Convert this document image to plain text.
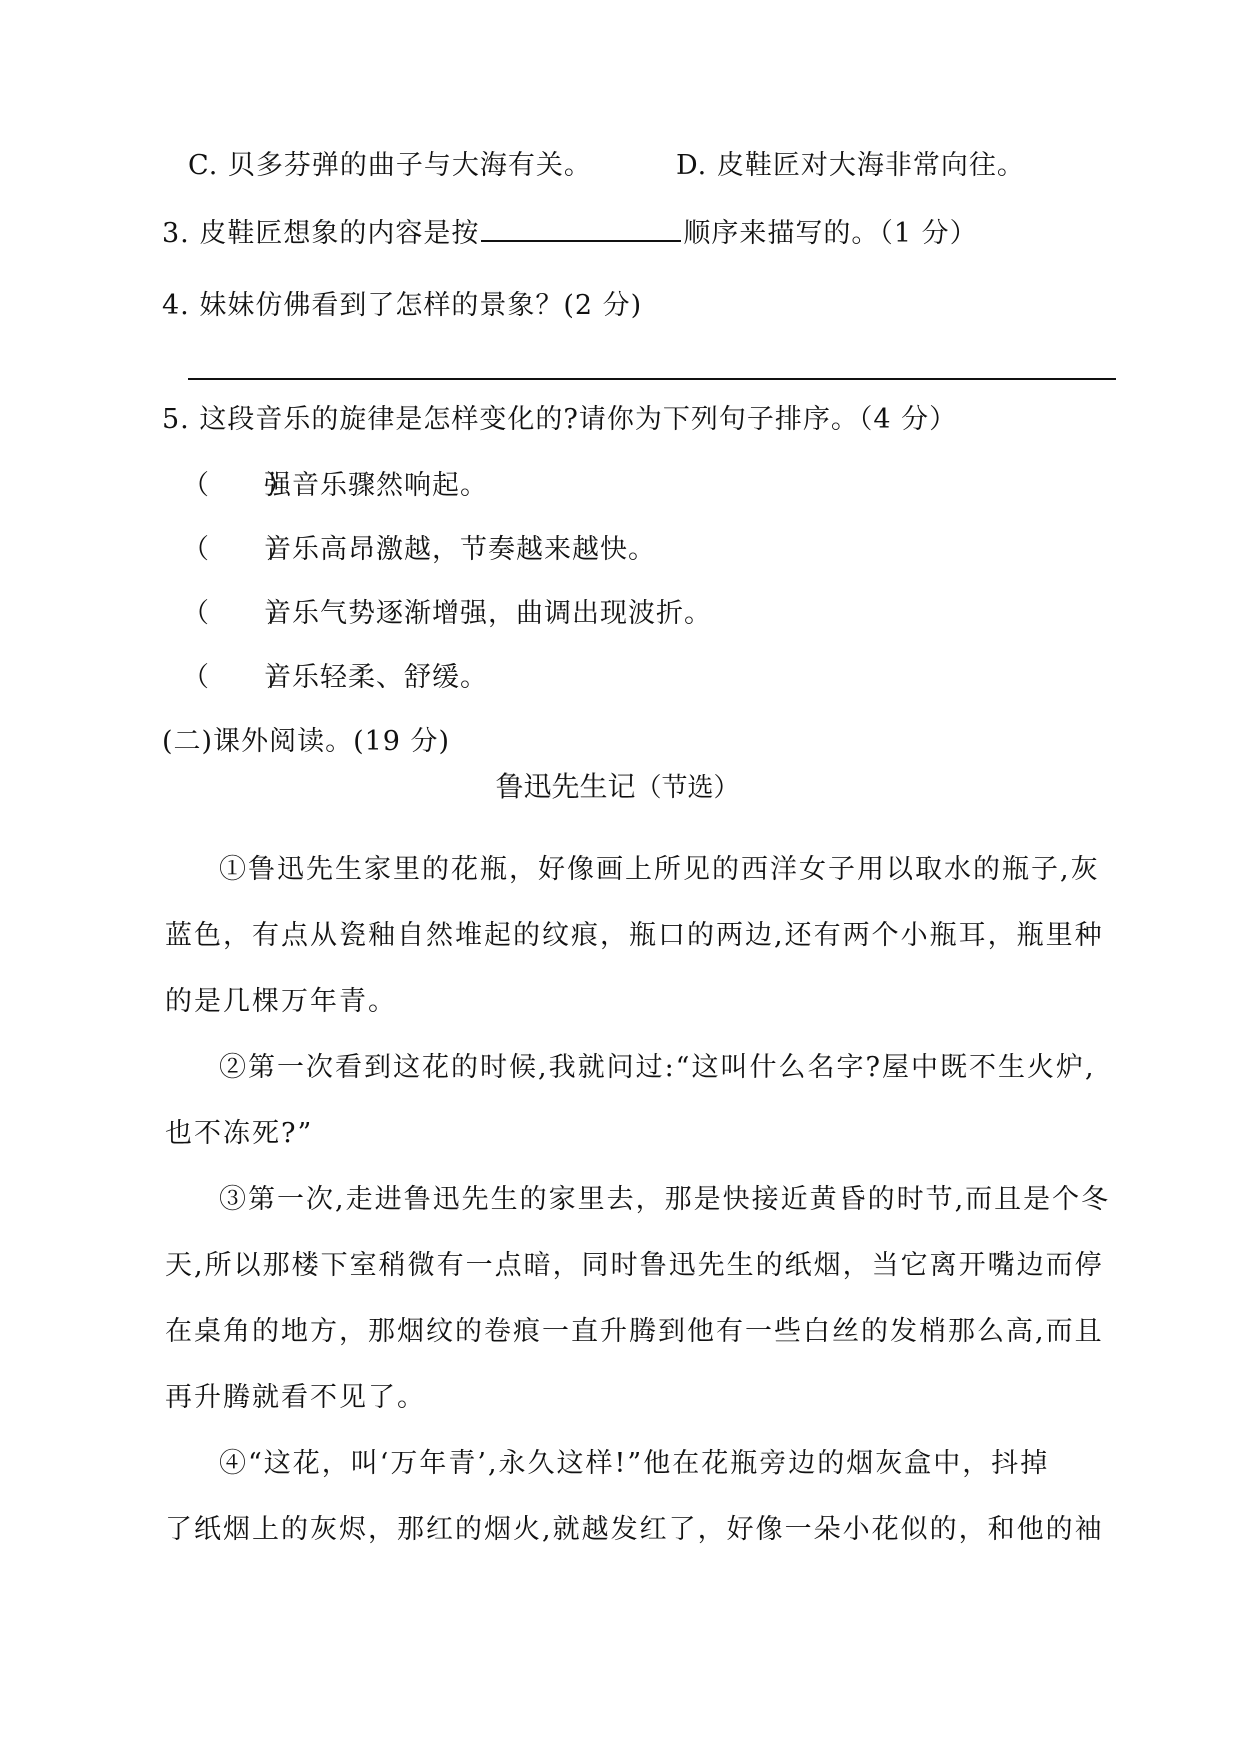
C. 贝多芬弹的曲子与大海有关。	D. 皮鞋匠对大海非常向往。
3. 皮鞋匠想象的内容是按	顺序来描写的。（1 分）
4. 妹妹仿佛看到了怎样的景象？(2 分)
5. 这段音乐的旋律是怎样变化的?请你为下列句子排序。（4 分）
（　　）强音乐骤然响起。
（　　）音乐高昂激越，节奏越来越快。
（　　）音乐气势逐渐增强，曲调出现波折。
（　　）音乐轻柔、舒缓。
(二)课外阅读。(19 分)
鲁迅先生记（节选）
①鲁迅先生家里的花瓶，好像画上所见的西洋女子用以取水的瓶子,灰
蓝色，有点从瓷釉自然堆起的纹痕，瓶口的两边,还有两个小瓶耳，瓶里种
的是几棵万年青。
②第一次看到这花的时候,我就问过:“这叫什么名字?屋中既不生火炉,
也不冻死?”
③第一次,走进鲁迅先生的家里去，那是快接近黄昏的时节,而且是个冬
天,所以那楼下室稍微有一点暗，同时鲁迅先生的纸烟，当它离开嘴边而停
在桌角的地方，那烟纹的卷痕一直升腾到他有一些白丝的发梢那么高,而且
再升腾就看不见了。
④“这花，叫‘万年青’,永久这样!”他在花瓶旁边的烟灰盒中，抖掉
了纸烟上的灰烬，那红的烟火,就越发红了，好像一朵小花似的，和他的袖
